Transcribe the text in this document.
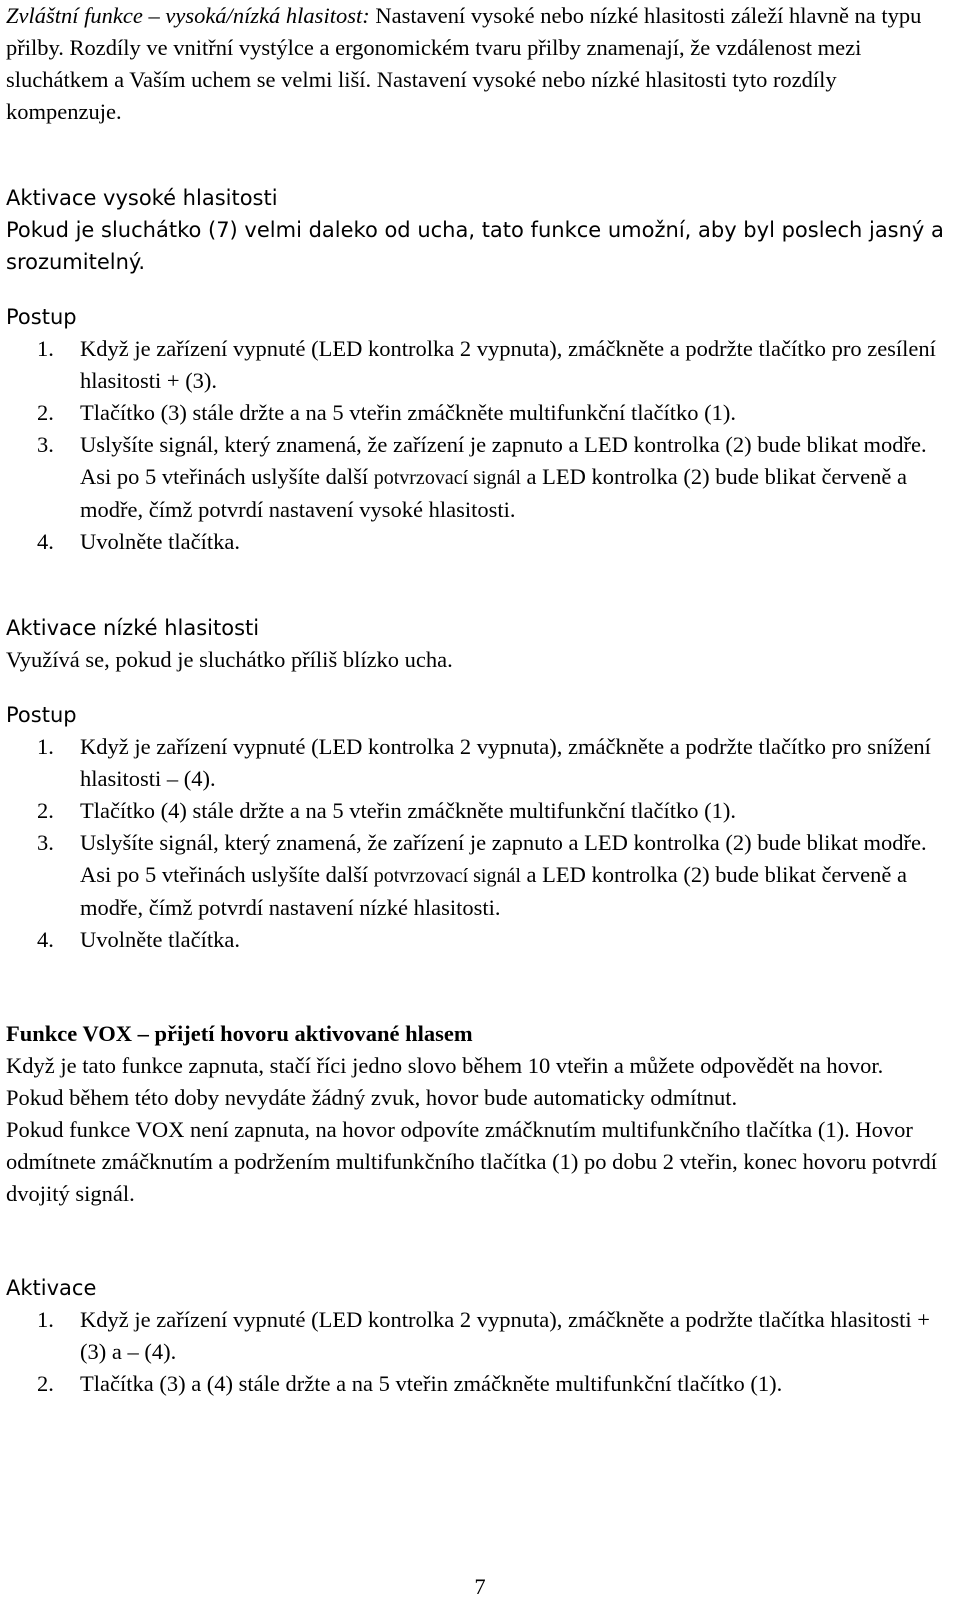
Zvláštní funkce – vysoká/nízká hlasitost: Nastavení vysoké nebo nízké hlasitosti záleží hlavně na typu přilby. Rozdíly ve vnitřní vystýlce a ergonomickém tvaru přilby znamenají, že vzdálenost mezi sluchátkem a Vaším uchem se velmi liší. Nastavení vysoké nebo nízké hlasitosti tyto rozdíly kompenzuje.

Aktivace vysoké hlasitosti

Pokud je sluchátko (7) velmi daleko od ucha, tato funkce umožní, aby byl poslech jasný a srozumitelný.

Postup

1. Když je zařízení vypnuté (LED kontrolka 2 vypnuta), zmáčkněte a podržte tlačítko pro zesílení hlasitosti + (3).
2. Tlačítko (3) stále držte a na 5 vteřin zmáčkněte multifunkční tlačítko (1).
3. Uslyšíte signál, který znamená, že zařízení je zapnuto a LED kontrolka (2) bude blikat modře. Asi po 5 vteřinách uslyšíte další potvrzovací signál a LED kontrolka (2) bude blikat červeně a modře, čímž potvrdí nastavení vysoké hlasitosti.
4. Uvolněte tlačítka.

Aktivace nízké hlasitosti

Využívá se, pokud je sluchátko příliš blízko ucha.

Postup

1. Když je zařízení vypnuté (LED kontrolka 2 vypnuta), zmáčkněte a podržte tlačítko pro snížení hlasitosti – (4).
2. Tlačítko (4) stále držte a na 5 vteřin zmáčkněte multifunkční tlačítko (1).
3. Uslyšíte signál, který znamená, že zařízení je zapnuto a LED kontrolka (2) bude blikat modře. Asi po 5 vteřinách uslyšíte další potvrzovací signál a LED kontrolka (2) bude blikat červeně a modře, čímž potvrdí nastavení nízké hlasitosti.
4. Uvolněte tlačítka.

Funkce VOX – přijetí hovoru aktivované hlasem

Když je tato funkce zapnuta, stačí říci jedno slovo během 10 vteřin a můžete odpovědět na hovor. Pokud během této doby nevydáte žádný zvuk, hovor bude automaticky odmítnut.

Pokud funkce VOX není zapnuta, na hovor odpovíte zmáčknutím multifunkčního tlačítka (1). Hovor odmítnete zmáčknutím a podržením multifunkčního tlačítka (1) po dobu 2 vteřin, konec hovoru potvrdí dvojitý signál.

Aktivace

1. Když je zařízení vypnuté (LED kontrolka 2 vypnuta), zmáčkněte a podržte tlačítka hlasitosti + (3) a – (4).
2. Tlačítka (3) a (4) stále držte a na 5 vteřin zmáčkněte multifunkční tlačítko (1).
7
